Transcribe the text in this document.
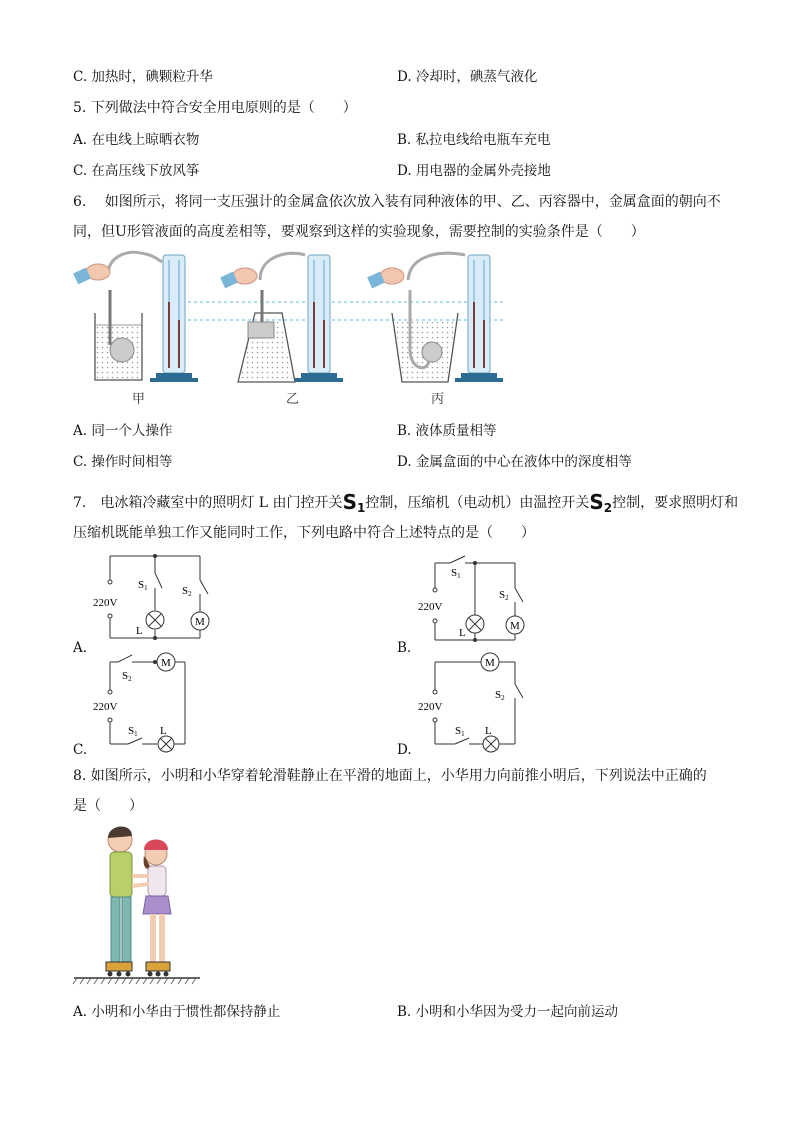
C. 加热时，碘颗粒升华	D. 冷却时，碘蒸气液化
5. 下列做法中符合安全用电原则的是（　　）
A. 在电线上晾晒衣物	B. 私拉电线给电瓶车充电
C. 在高压线下放风筝	D. 用电器的金属外壳接地
6.　 如图所示，将同一支压强计的金属盒依次放入装有同种液体的甲、乙、丙容器中，金属盒面的朝向不
同，但U形管液面的高度差相等，要观察到这样的实验现象，需要控制的实验条件是（　　）
甲	乙	丙
A. 同一个人操作	B. 液体质量相等
C. 操作时间相等	D. 金属盒面的中心在液体中的深度相等
7.　电冰箱冷藏室中的照明灯 L 由门控开关$S_1$控制，压缩机（电动机）由温控开关$S_2$控制，要求照明灯和
压缩机既能单独工作又能同时工作，下列电路中符合上述特点的是（　　）
220V
S1	S2
L
M
A.
220V
S1
S2
L
M
B.
220V
S2
S1 L
M
C.
220V
S2
S1 L
M
D.
8. 如图所示，小明和小华穿着轮滑鞋静止在平滑的地面上，小华用力向前推小明后，下列说法中正确的
是（　　）
A. 小明和小华由于惯性都保持静止	B. 小明和小华因为受力一起向前运动
